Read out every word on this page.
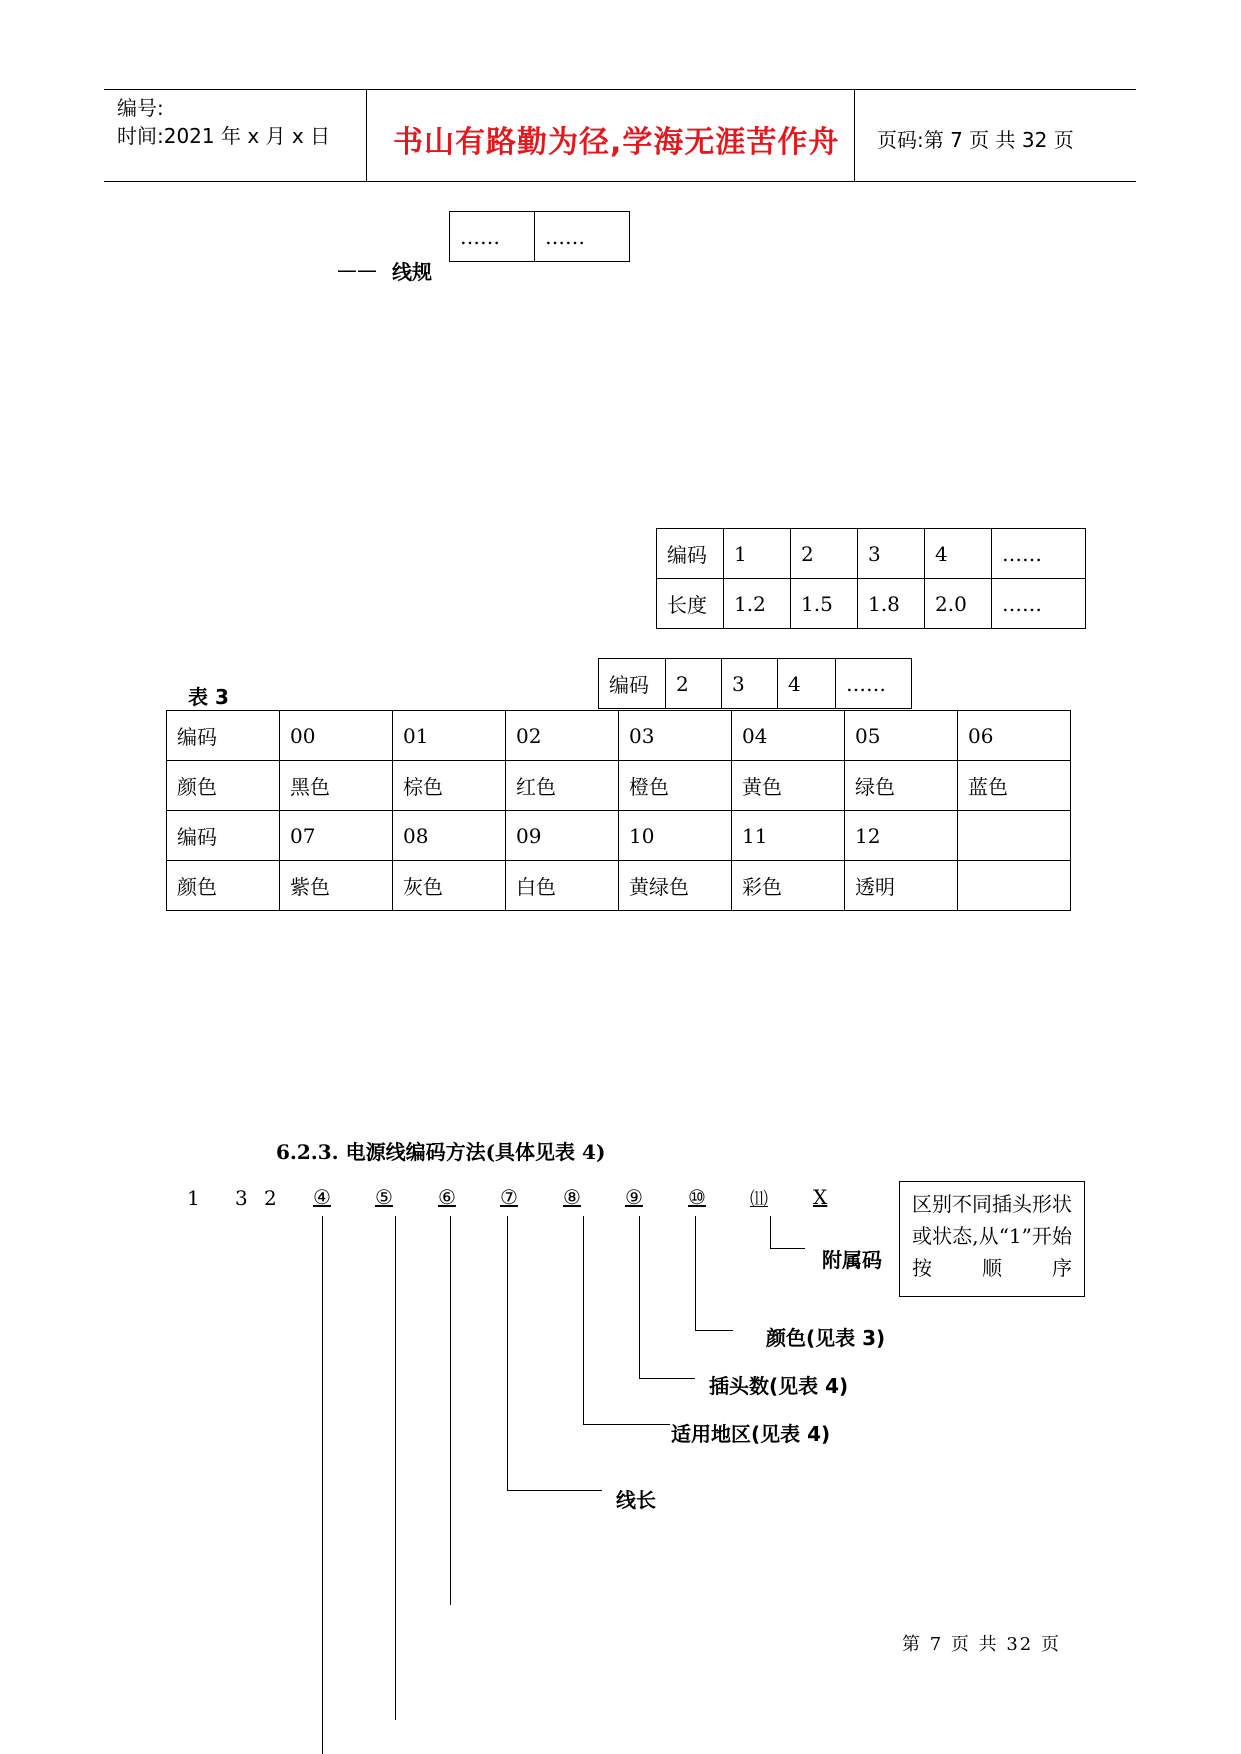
编号:
时间:2021 年 x 月 x 日 书山有路勤为径,学海无涯苦作舟 页码:第 7 页 共 32 页
—— 线规
……	……
编码	1	2	3	4	……
长度	1.2	1.5	1.8	2.0	……
表 3	编码	2	3	4	……
编码	00	01	02	03	04	05	06
颜色	黑色	棕色	红色	橙色	黄色	绿色	蓝色
编码	07	08	09	10	11	12	
颜色	紫色	灰色	白色	黄绿色	彩色	透明	
6.2.3. 电源线编码方法(具体见表 4)
1 3 2 ④ ⑤ ⑥ ⑦ ⑧ ⑨ ⑩ ⑾ X	区别不同插头形状或状态,从“1”开始按顺序
附属码
颜色(见表 3)
插头数(见表 4)
适用地区(见表 4)
线长
第 7 页 共 32 页
